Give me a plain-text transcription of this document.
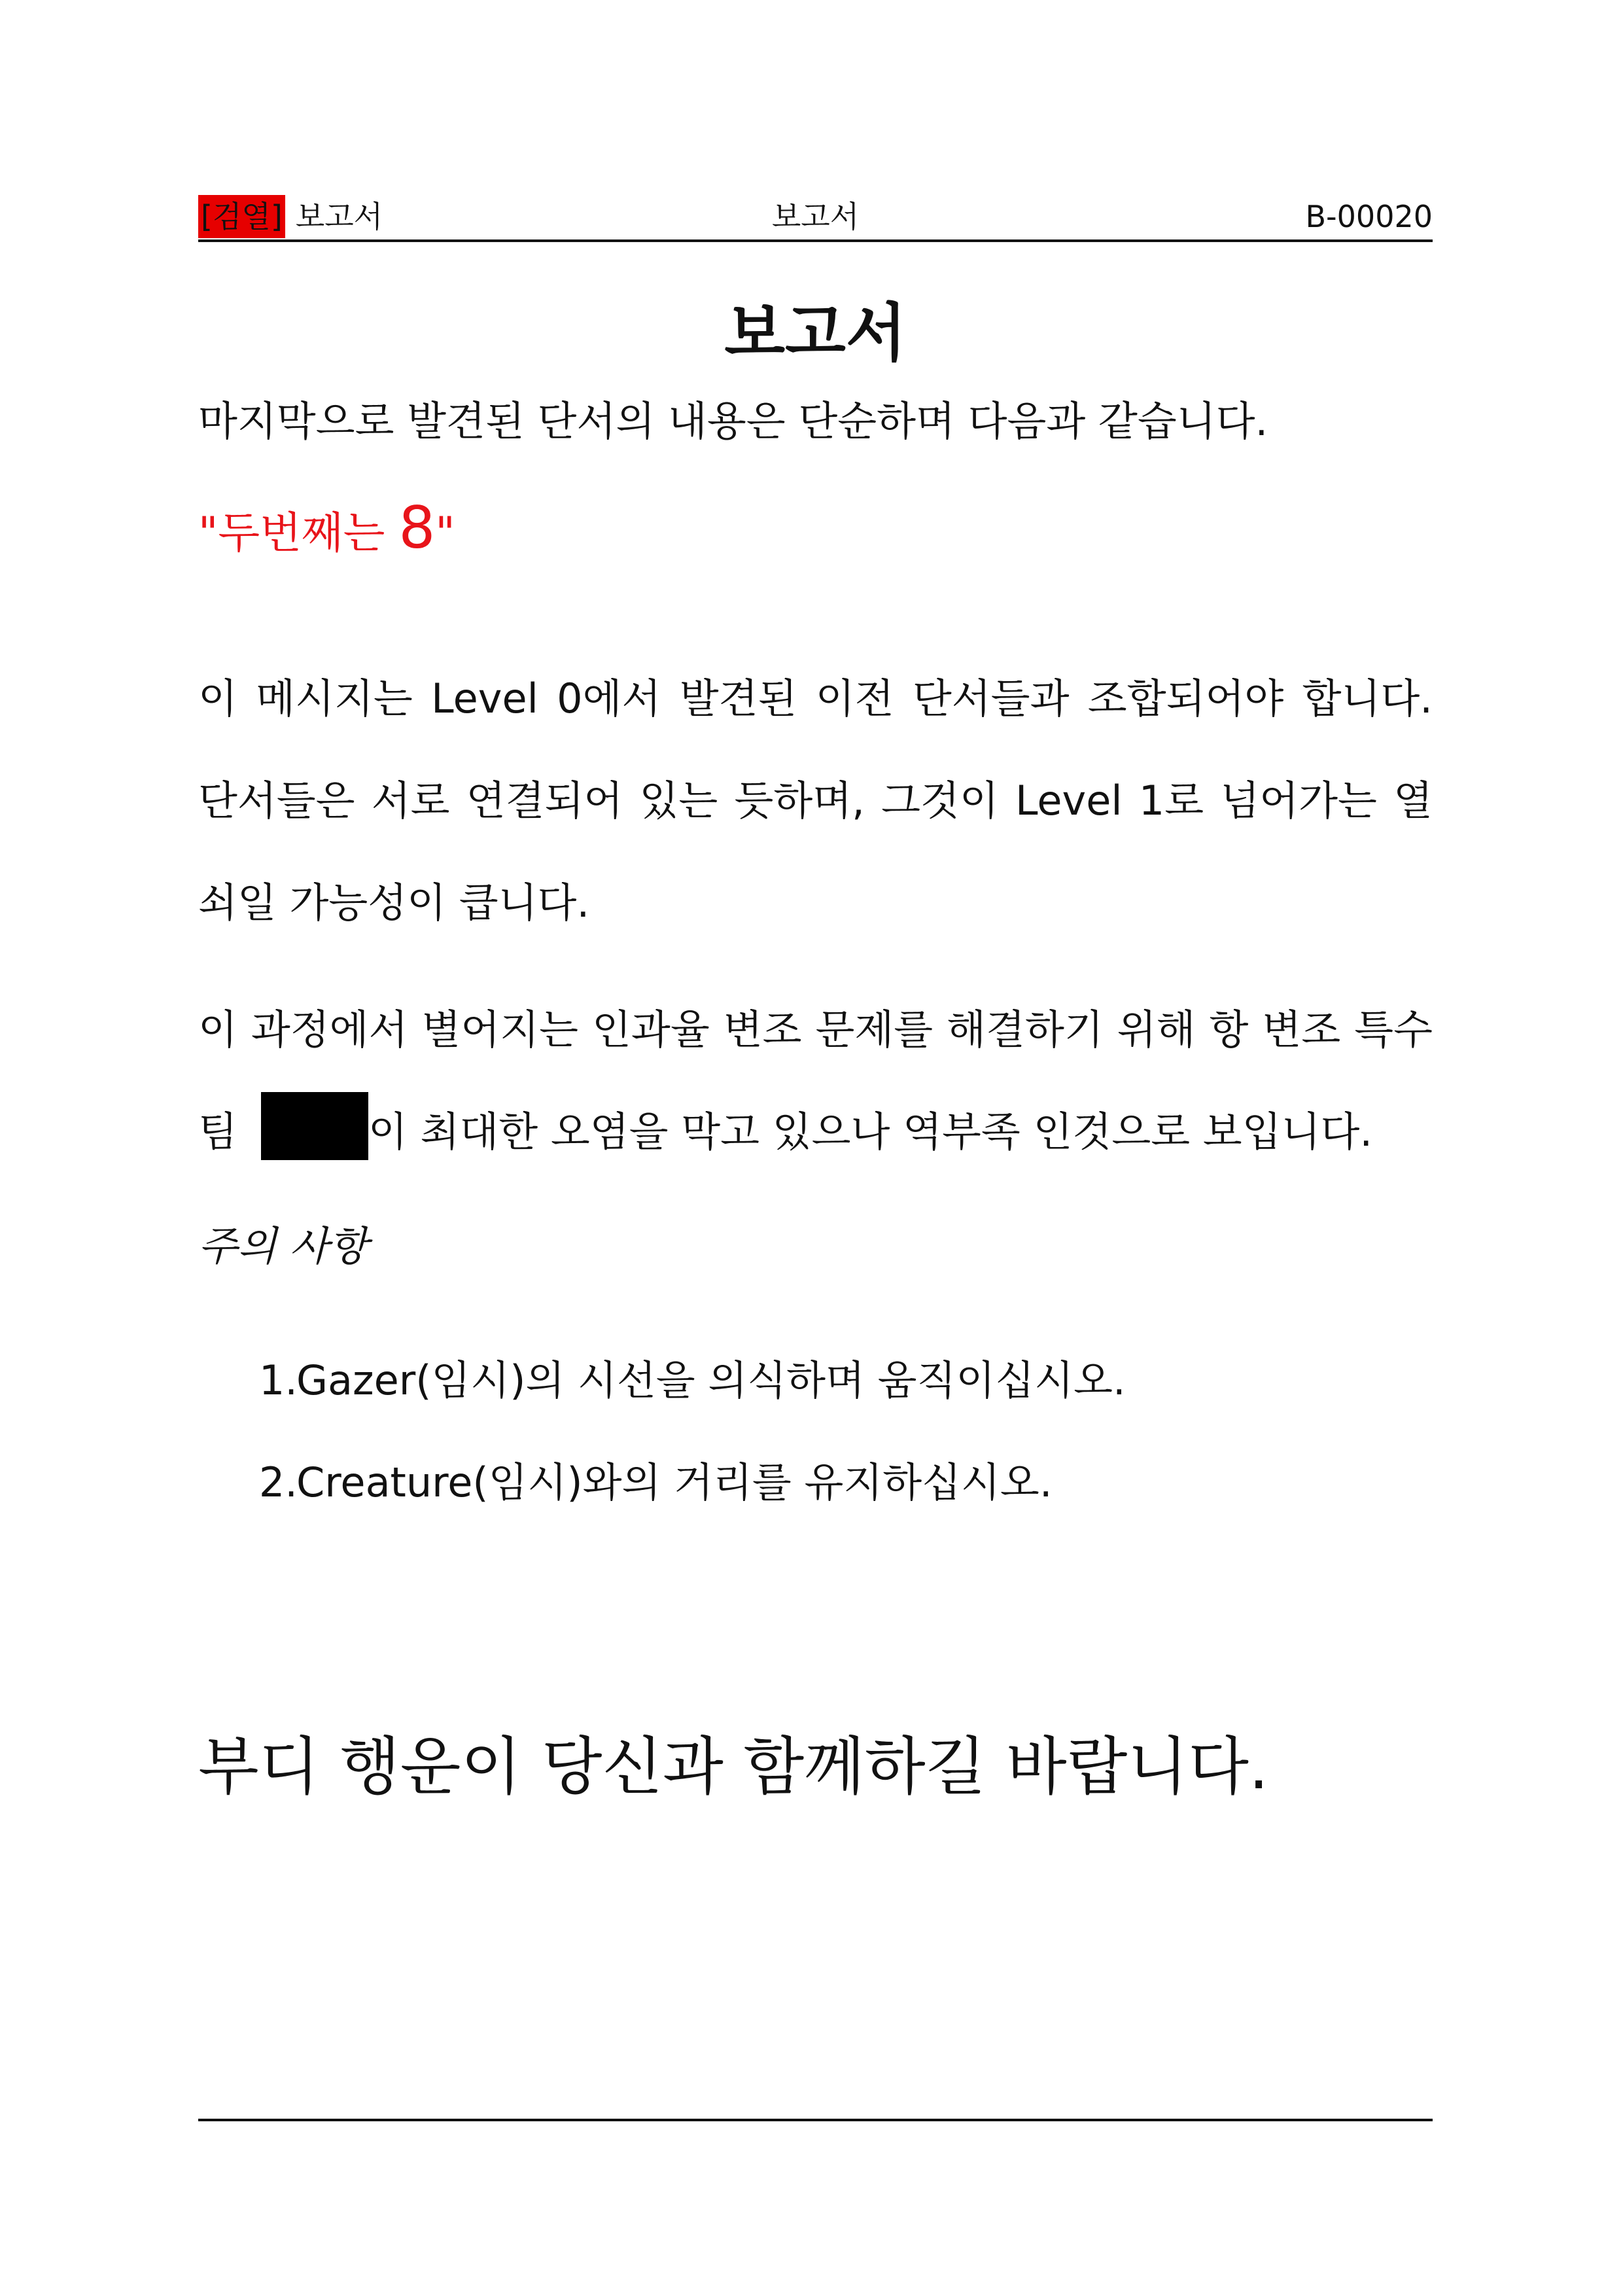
[검열] 보고서	보고서	B-00020
보고서

마지막으로 발견된 단서의 내용은 단순하며 다음과 같습니다.

"두번째는 8"

이 메시지는 Level 0에서 발견된 이전 단서들과 조합되어야 합니다. 단서들은 서로 연결되어 있는 듯하며, 그것이 Level 1로 넘어가는 열쇠일 가능성이 큽니다.

이 과정에서 별어지는 인과율 변조 문제를 해결하기 위해 항 변조 특수팀	이 최대한 오염을 막고 있으나 역부족 인것으로 보입니다.

주의 사항
1.
Gazer(임시)의 시선을 의식하며 움직이십시오.
2.
Creature(임시)와의 거리를 유지하십시오.
부디 행운이 당신과 함께하길 바랍니다.
